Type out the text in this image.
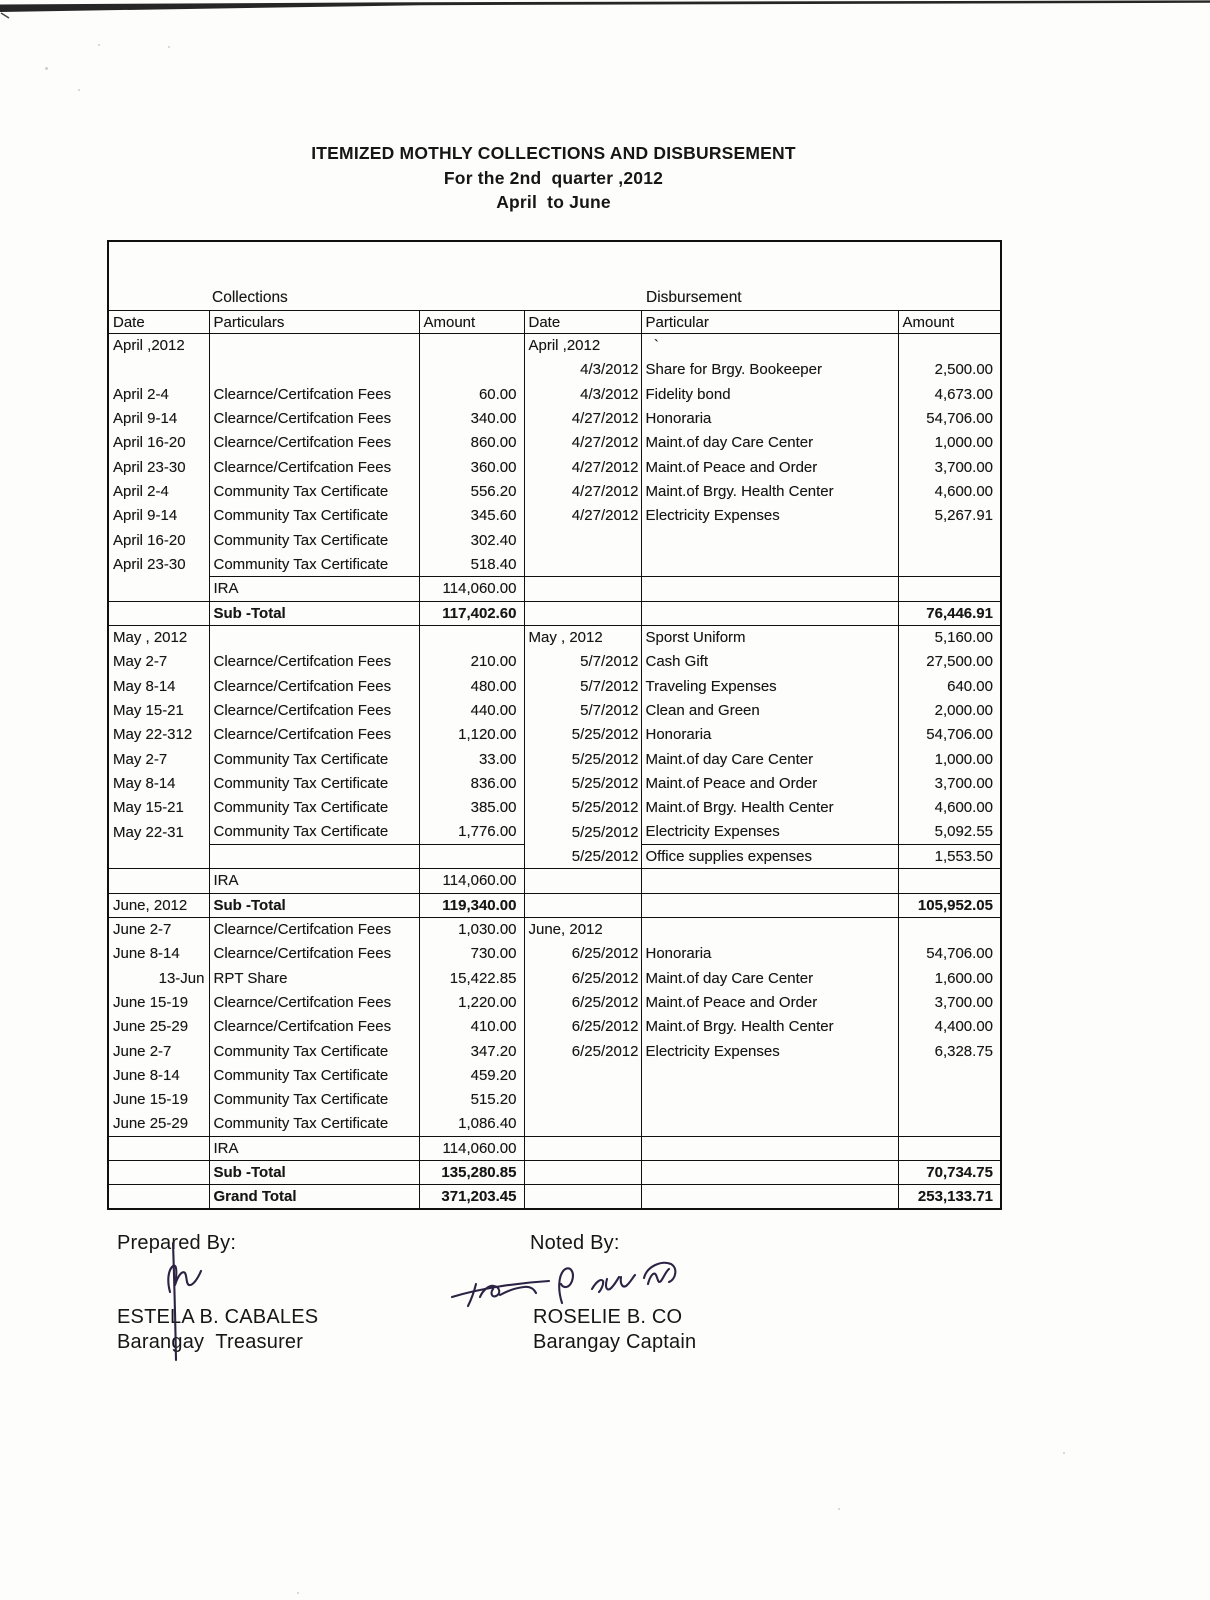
ITEMIZED MOTHLY COLLECTIONS AND DISBURSEMENT
For the 2nd  quarter ,2012
April  to June

Collections

Disbursement					

Date	Particulars	Amount	Date	Particular	Amount
April ,2012			April ,2012	`	
			4/3/2012	Share for Brgy. Bookeeper	2,500.00
April 2-4	Clearnce/Certifcation Fees	60.00	4/3/2012	Fidelity bond	4,673.00
April 9-14	Clearnce/Certifcation Fees	340.00	4/27/2012	Honoraria	54,706.00
April 16-20	Clearnce/Certifcation Fees	860.00	4/27/2012	Maint.of day Care Center	1,000.00
April 23-30	Clearnce/Certifcation Fees	360.00	4/27/2012	Maint.of Peace and Order	3,700.00
April 2-4	Community Tax Certificate	556.20	4/27/2012	Maint.of Brgy. Health Center	4,600.00
April 9-14	Community Tax Certificate	345.60	4/27/2012	Electricity Expenses	5,267.91
April 16-20	Community Tax Certificate	302.40			
April 23-30	Community Tax Certificate	518.40			
	IRA	114,060.00			
	Sub -Total	117,402.60			76,446.91
May , 2012			May , 2012	Sporst Uniform	5,160.00
May 2-7	Clearnce/Certifcation Fees	210.00	5/7/2012	Cash Gift	27,500.00
May 8-14	Clearnce/Certifcation Fees	480.00	5/7/2012	Traveling Expenses	640.00
May 15-21	Clearnce/Certifcation Fees	440.00	5/7/2012	Clean and Green	2,000.00
May 22-312	Clearnce/Certifcation Fees	1,120.00	5/25/2012	Honoraria	54,706.00
May 2-7	Community Tax Certificate	33.00	5/25/2012	Maint.of day Care Center	1,000.00
May 8-14	Community Tax Certificate	836.00	5/25/2012	Maint.of Peace and Order	3,700.00
May 15-21	Community Tax Certificate	385.00	5/25/2012	Maint.of Brgy. Health Center	4,600.00
May 22-31	Community Tax Certificate	1,776.00	5/25/2012	Electricity Expenses	5,092.55
			5/25/2012	Office supplies expenses	1,553.50
	IRA	114,060.00			
June, 2012	Sub -Total	119,340.00			105,952.05
June 2-7	Clearnce/Certifcation Fees	1,030.00	June, 2012		
June 8-14	Clearnce/Certifcation Fees	730.00	6/25/2012	Honoraria	54,706.00
13-Jun	RPT Share	15,422.85	6/25/2012	Maint.of day Care Center	1,600.00
June 15-19	Clearnce/Certifcation Fees	1,220.00	6/25/2012	Maint.of Peace and Order	3,700.00
June 25-29	Clearnce/Certifcation Fees	410.00	6/25/2012	Maint.of Brgy. Health Center	4,400.00
June 2-7	Community Tax Certificate	347.20	6/25/2012	Electricity Expenses	6,328.75
June 8-14	Community Tax Certificate	459.20			
June 15-19	Community Tax Certificate	515.20			
June 25-29	Community Tax Certificate	1,086.40			
	IRA	114,060.00			
	Sub -Total	135,280.85			70,734.75
	Grand Total	371,203.45			253,133.71
Prepared By:	Noted By:
ESTELA B. CABALES	ROSELIE B. CO
Barangay  Treasurer	Barangay Captain
